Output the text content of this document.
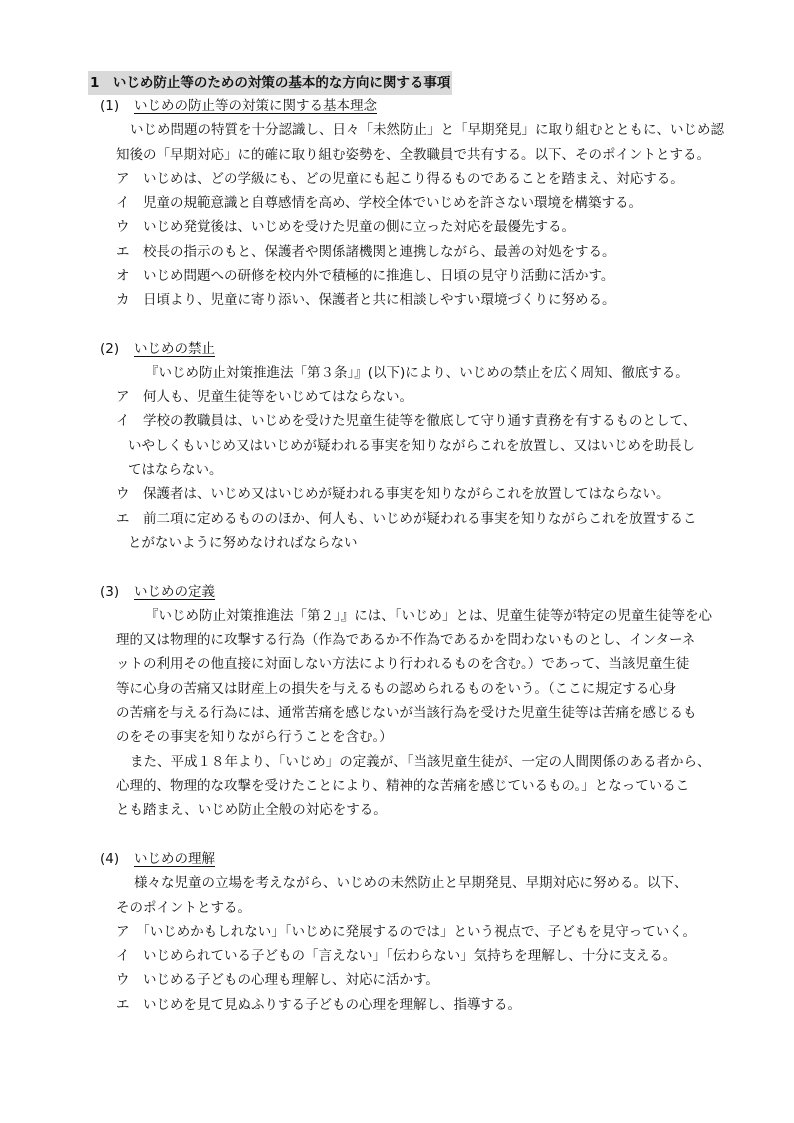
1　いじめ防止等のための対策の基本的な方向に関する事項
(1) いじめの防止等の対策に関する基本理念
いじめ問題の特質を十分認識し、日々「未然防止」と「早期発見」に取り組むとともに、いじめ認
知後の「早期対応」に的確に取り組む姿勢を、全教職員で共有する。以下、そのポイントとする。
ア　いじめは、どの学級にも、どの児童にも起こり得るものであることを踏まえ、対応する。
イ　児童の規範意識と自尊感情を高め、学校全体でいじめを許さない環境を構築する。
ウ　いじめ発覚後は、いじめを受けた児童の側に立った対応を最優先する。
エ　校長の指示のもと、保護者や関係諸機関と連携しながら、最善の対処をする。
オ　いじめ問題への研修を校内外で積極的に推進し、日頃の見守り活動に活かす。
カ　日頃より、児童に寄り添い、保護者と共に相談しやすい環境づくりに努める。
(2) いじめの禁止
『いじめ防止対策推進法「第３条」』(以下)により、いじめの禁止を広く周知、徹底する。
ア　何人も、児童生徒等をいじめてはならない。
イ　学校の教職員は、いじめを受けた児童生徒等を徹底して守り通す責務を有するものとして、
いやしくもいじめ又はいじめが疑われる事実を知りながらこれを放置し、又はいじめを助長し
てはならない。
ウ　保護者は、いじめ又はいじめが疑われる事実を知りながらこれを放置してはならない。
エ　前二項に定めるもののほか、何人も、いじめが疑われる事実を知りながらこれを放置するこ
とがないように努めなければならない
(3) いじめの定義
『いじめ防止対策推進法「第２」』には、「いじめ」とは、児童生徒等が特定の児童生徒等を心
理的又は物理的に攻撃する行為（作為であるか不作為であるかを問わないものとし、インターネ
ットの利用その他直接に対面しない方法により行われるものを含む。）であって、当該児童生徒
等に心身の苦痛又は財産上の損失を与えるもの認められるものをいう。（ここに規定する心身
の苦痛を与える行為には、通常苦痛を感じないが当該行為を受けた児童生徒等は苦痛を感じるも
のをその事実を知りながら行うことを含む。）
また、平成１８年より、「いじめ」の定義が、「当該児童生徒が、一定の人間関係のある者から、
心理的、物理的な攻撃を受けたことにより、精神的な苦痛を感じているもの。」となっているこ
とも踏まえ、いじめ防止全般の対応をする。
(4) いじめの理解
様々な児童の立場を考えながら、いじめの未然防止と早期発見、早期対応に努める。以下、
そのポイントとする。
ア　「いじめかもしれない」「いじめに発展するのでは」という視点で、子どもを見守っていく。
イ　いじめられている子どもの「言えない」「伝わらない」気持ちを理解し、十分に支える。
ウ　いじめる子どもの心理も理解し、対応に活かす。
エ　いじめを見て見ぬふりする子どもの心理を理解し、指導する。
